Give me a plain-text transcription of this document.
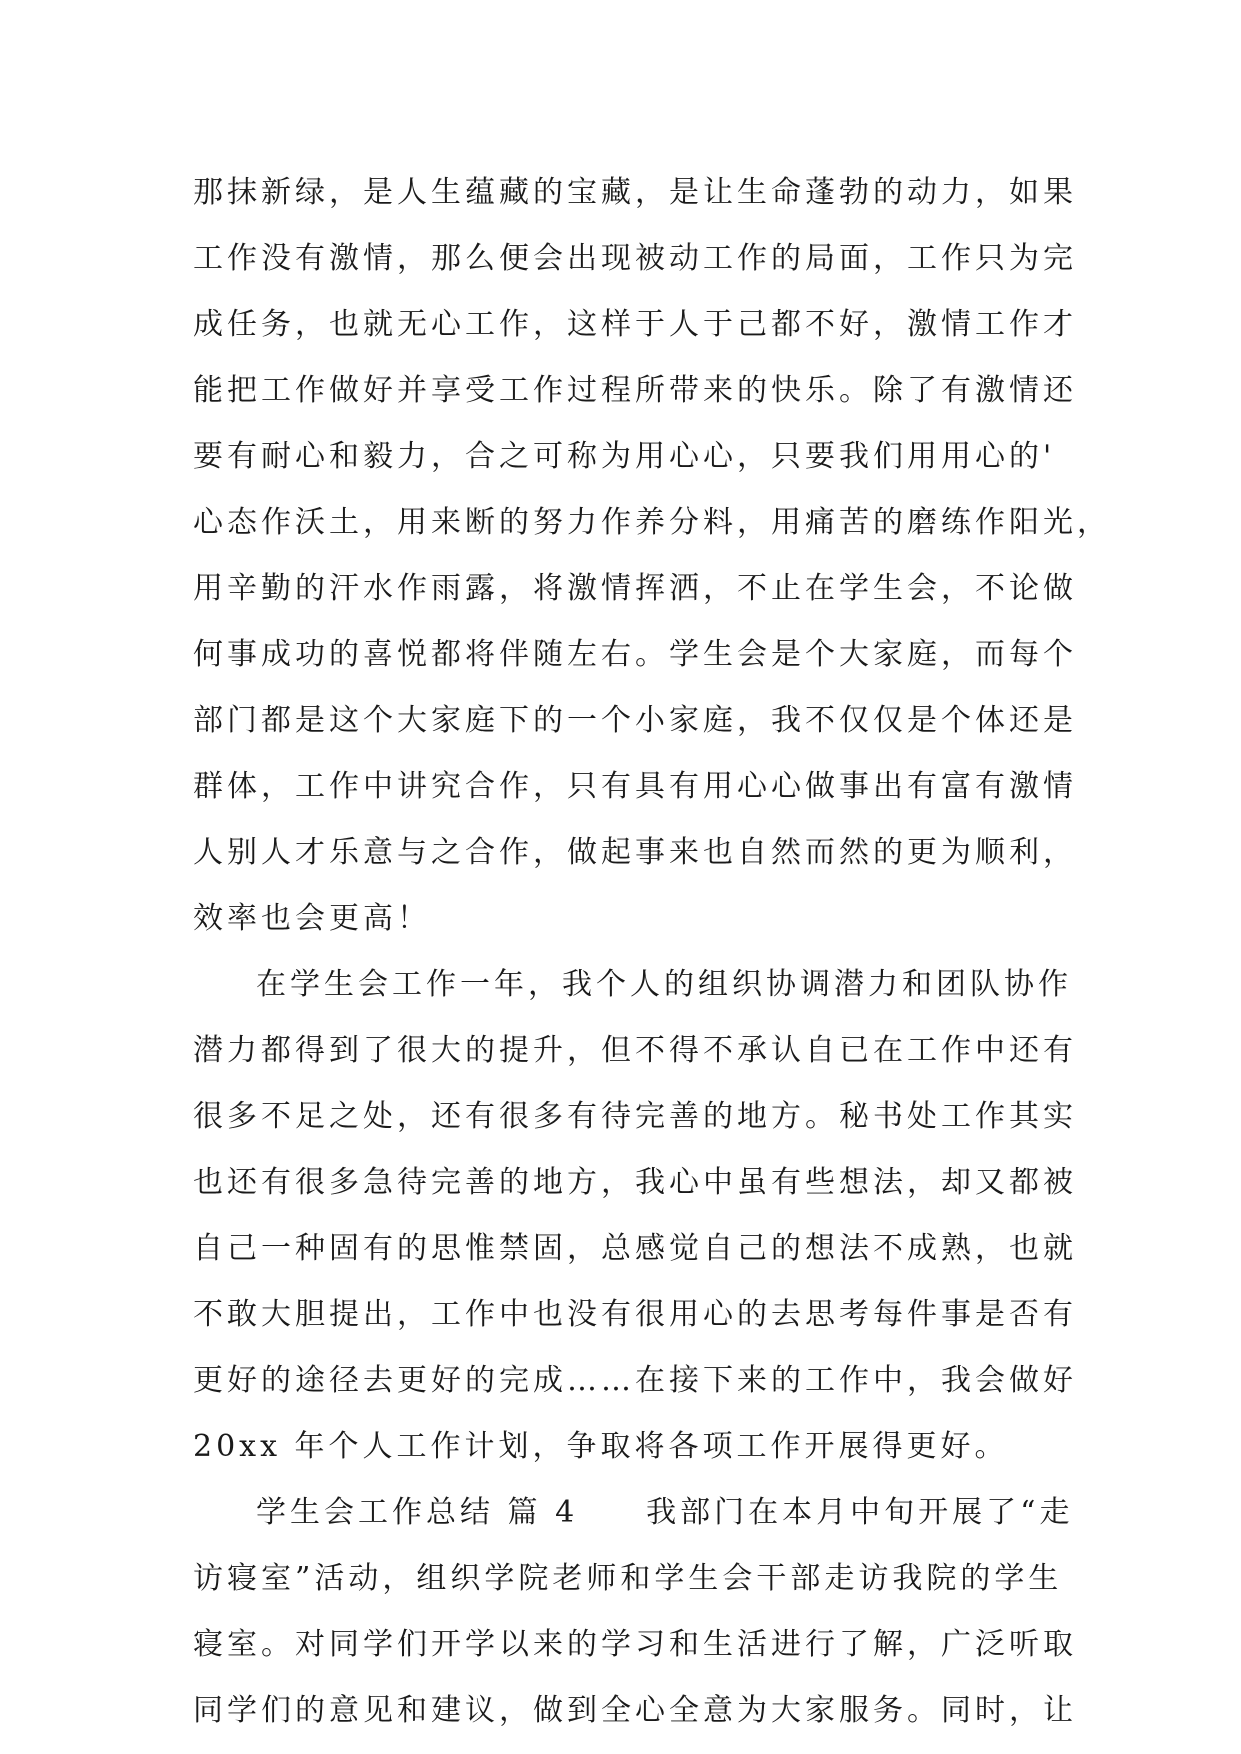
那抹新绿，是人生蕴藏的宝藏，是让生命蓬勃的动力，如果
工作没有激情，那么便会出现被动工作的局面，工作只为完
成任务，也就无心工作，这样于人于己都不好，激情工作才
能把工作做好并享受工作过程所带来的快乐。除了有激情还
要有耐心和毅力，合之可称为用心心，只要我们用用心的'
心态作沃土，用来断的努力作养分料，用痛苦的磨练作阳光，
用辛勤的汗水作雨露，将激情挥洒，不止在学生会，不论做
何事成功的喜悦都将伴随左右。学生会是个大家庭，而每个
部门都是这个大家庭下的一个小家庭，我不仅仅是个体还是
群体，工作中讲究合作，只有具有用心心做事出有富有激情
人别人才乐意与之合作，做起事来也自然而然的更为顺利，
效率也会更高！
在学生会工作一年，我个人的组织协调潜力和团队协作
潜力都得到了很大的提升，但不得不承认自已在工作中还有
很多不足之处，还有很多有待完善的地方。秘书处工作其实
也还有很多急待完善的地方，我心中虽有些想法，却又都被
自己一种固有的思惟禁固，总感觉自己的想法不成熟，也就
不敢大胆提出，工作中也没有很用心的去思考每件事是否有
更好的途径去更好的完成……在接下来的工作中，我会做好
20xx 年个人工作计划，争取将各项工作开展得更好。
学生会工作总结 篇 4　　我部门在本月中旬开展了“走
访寝室”活动，组织学院老师和学生会干部走访我院的学生
寝室。对同学们开学以来的学习和生活进行了解，广泛听取
同学们的意见和建议，做到全心全意为大家服务。同时，让
